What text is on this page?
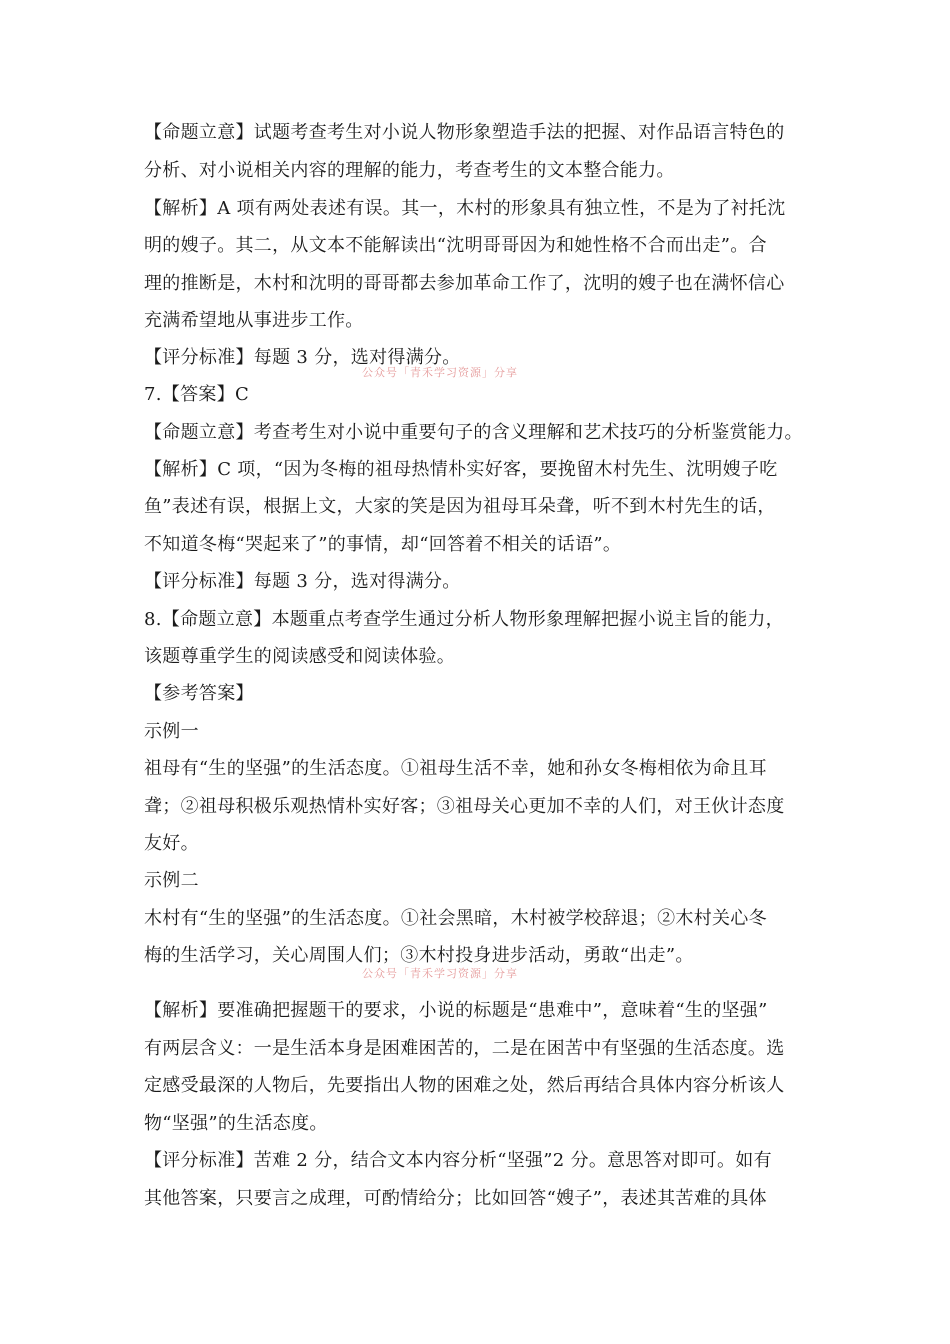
【命题立意】试题考查考生对小说人物形象塑造手法的把握、对作品语言特色的
分析、对小说相关内容的理解的能力，考查考生的文本整合能力。
【解析】A 项有两处表述有误。其一，木村的形象具有独立性，不是为了衬托沈
明的嫂子。其二，从文本不能解读出“沈明哥哥因为和她性格不合而出走”。合
理的推断是，木村和沈明的哥哥都去参加革命工作了，沈明的嫂子也在满怀信心
充满希望地从事进步工作。
【评分标准】每题 3 分，选对得满分。
7.【答案】C
【命题立意】考查考生对小说中重要句子的含义理解和艺术技巧的分析鉴赏能力。
【解析】C 项，“因为冬梅的祖母热情朴实好客，要挽留木村先生、沈明嫂子吃
鱼”表述有误，根据上文，大家的笑是因为祖母耳朵聋，听不到木村先生的话，
不知道冬梅“哭起来了”的事情，却“回答着不相关的话语”。
【评分标准】每题 3 分，选对得满分。
8.【命题立意】本题重点考查学生通过分析人物形象理解把握小说主旨的能力，
该题尊重学生的阅读感受和阅读体验。
【参考答案】
示例一
祖母有“生的坚强”的生活态度。①祖母生活不幸，她和孙女冬梅相依为命且耳
聋；②祖母积极乐观热情朴实好客；③祖母关心更加不幸的人们，对王伙计态度
友好。
示例二
木村有“生的坚强”的生活态度。①社会黑暗，木村被学校辞退；②木村关心冬
梅的生活学习，关心周围人们；③木村投身进步活动，勇敢“出走”。
【解析】要准确把握题干的要求，小说的标题是“患难中”，意味着“生的坚强”
有两层含义：一是生活本身是困难困苦的，二是在困苦中有坚强的生活态度。选
定感受最深的人物后，先要指出人物的困难之处，然后再结合具体内容分析该人
物“坚强”的生活态度。
【评分标准】苦难 2 分，结合文本内容分析“坚强”2 分。意思答对即可。如有
其他答案，只要言之成理，可酌情给分；比如回答“嫂子”，表述其苦难的具体
公众号「青禾学习资源」分享
公众号「青禾学习资源」分享
